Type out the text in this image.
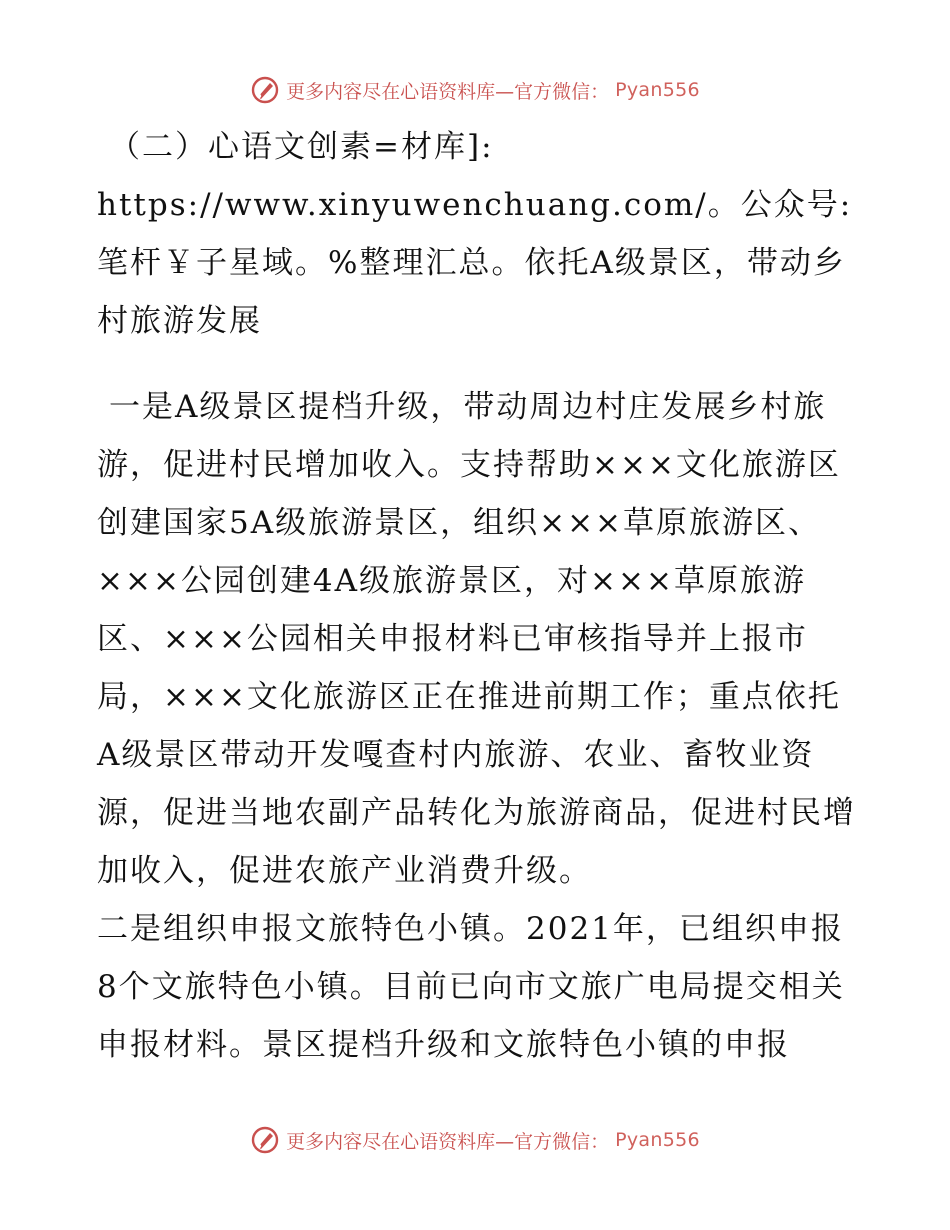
更多内容尽在心语资料库—官方微信： Pyan556

（二）心语文创素=材库]: https://www.xinyuwenchuang.com/。公众号: 笔杆￥子星域。%整理汇总。依托A级景区，带动乡村旅游发展

一是A级景区提档升级，带动周边村庄发展乡村旅游，促进村民增加收入。支持帮助×××文化旅游区创建国家5A级旅游景区，组织×××草原旅游区、×××公园创建4A级旅游景区，对×××草原旅游区、×××公园相关申报材料已审核指导并上报市局，×××文化旅游区正在推进前期工作；重点依托A级景区带动开发嘎查村内旅游、农业、畜牧业资源，促进当地农副产品转化为旅游商品，促进村民增加收入，促进农旅产业消费升级。

二是组织申报文旅特色小镇。2021年，已组织申报8个文旅特色小镇。目前已向市文旅广电局提交相关申报材料。景区提档升级和文旅特色小镇的申报

更多内容尽在心语资料库—官方微信： Pyan556
